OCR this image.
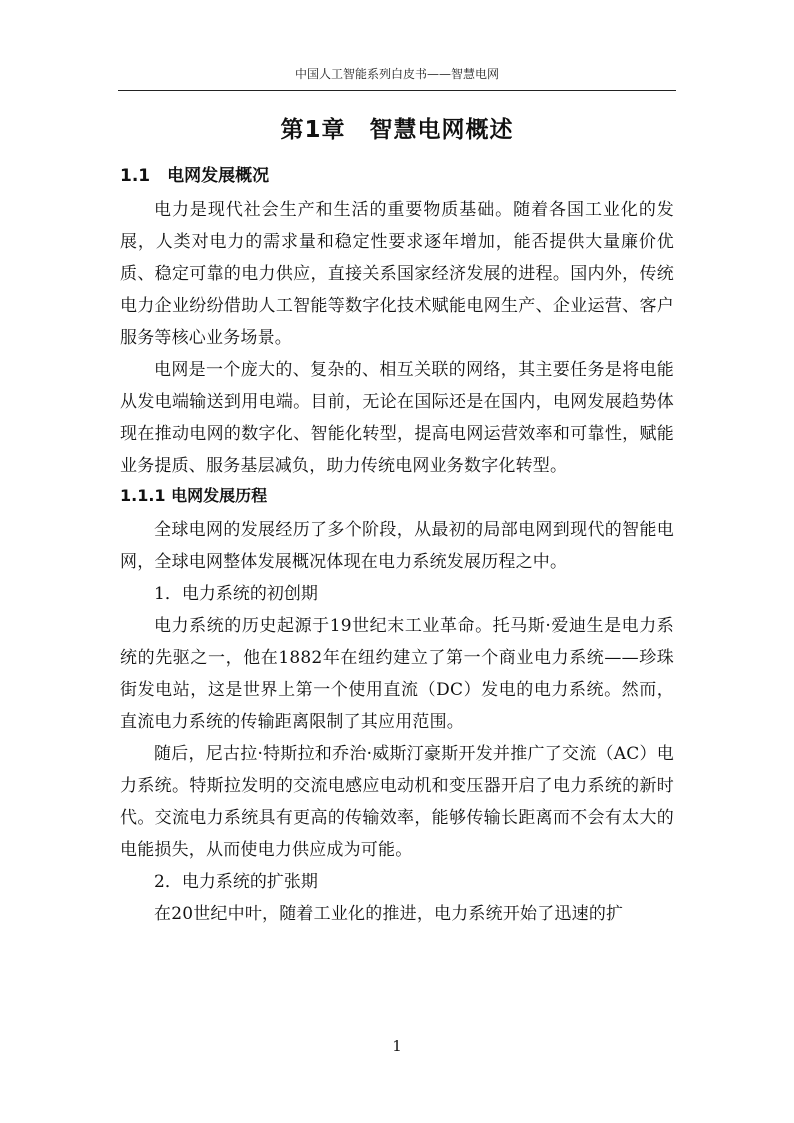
中国人工智能系列白皮书——智慧电网
第1章　智慧电网概述
1.1　电网发展概况

电力是现代社会生产和生活的重要物质基础。随着各国工业化的发展，人类对电力的需求量和稳定性要求逐年增加，能否提供大量廉价优质、稳定可靠的电力供应，直接关系国家经济发展的进程。国内外，传统电力企业纷纷借助人工智能等数字化技术赋能电网生产、企业运营、客户服务等核心业务场景。

电网是一个庞大的、复杂的、相互关联的网络，其主要任务是将电能从发电端输送到用电端。目前，无论在国际还是在国内，电网发展趋势体现在推动电网的数字化、智能化转型，提高电网运营效率和可靠性，赋能业务提质、服务基层减负，助力传统电网业务数字化转型。

1.1.1 电网发展历程

全球电网的发展经历了多个阶段，从最初的局部电网到现代的智能电网，全球电网整体发展概况体现在电力系统发展历程之中。

1．电力系统的初创期

电力系统的历史起源于19世纪末工业革命。托马斯·爱迪生是电力系统的先驱之一，他在1882年在纽约建立了第一个商业电力系统——珍珠街发电站，这是世界上第一个使用直流（DC）发电的电力系统。然而，直流电力系统的传输距离限制了其应用范围。

随后，尼古拉·特斯拉和乔治·威斯汀豪斯开发并推广了交流（AC）电力系统。特斯拉发明的交流电感应电动机和变压器开启了电力系统的新时代。交流电力系统具有更高的传输效率，能够传输长距离而不会有太大的电能损失，从而使电力供应成为可能。

2．电力系统的扩张期

在20世纪中叶，随着工业化的推进，电力系统开始了迅速的扩

1
